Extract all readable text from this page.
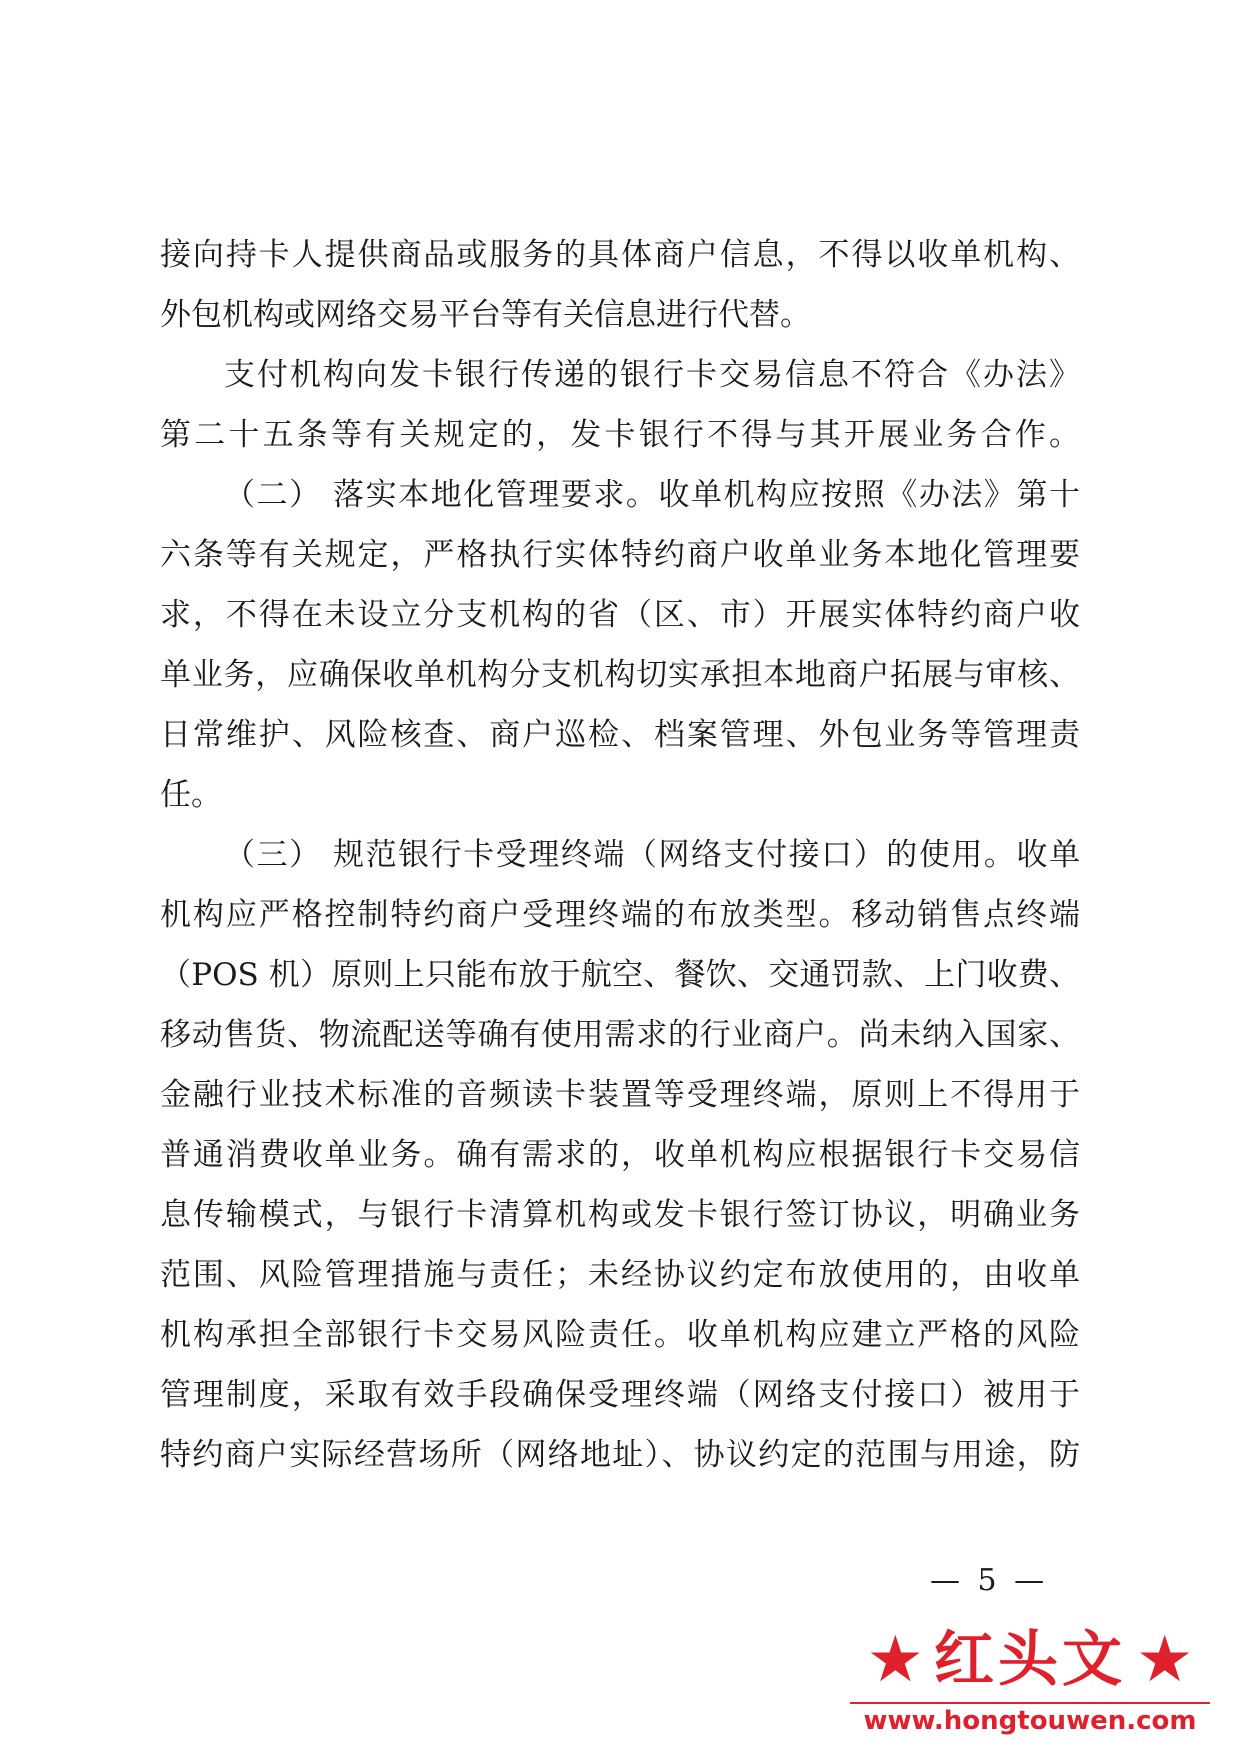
接向持卡人提供商品或服务的具体商户信息，不得以收单机构、
外包机构或网络交易平台等有关信息进行代替。
支付机构向发卡银行传递的银行卡交易信息不符合《办法》
第二十五条等有关规定的，发卡银行不得与其开展业务合作。
（二） 落实本地化管理要求。收单机构应按照《办法》第十
六条等有关规定，严格执行实体特约商户收单业务本地化管理要
求，不得在未设立分支机构的省（区、市）开展实体特约商户收
单业务，应确保收单机构分支机构切实承担本地商户拓展与审核、
日常维护、风险核查、商户巡检、档案管理、外包业务等管理责
任。
（三） 规范银行卡受理终端（网络支付接口）的使用。收单
机构应严格控制特约商户受理终端的布放类型。移动销售点终端
（POS 机）原则上只能布放于航空、餐饮、交通罚款、上门收费、
移动售货、物流配送等确有使用需求的行业商户。尚未纳入国家、
金融行业技术标准的音频读卡装置等受理终端，原则上不得用于
普通消费收单业务。确有需求的，收单机构应根据银行卡交易信
息传输模式，与银行卡清算机构或发卡银行签订协议，明确业务
范围、风险管理措施与责任；未经协议约定布放使用的，由收单
机构承担全部银行卡交易风险责任。收单机构应建立严格的风险
管理制度，采取有效手段确保受理终端（网络支付接口）被用于
特约商户实际经营场所（网络地址）、协议约定的范围与用途，防
— 5 —
★ 红头文 ★
www.hongtouwen.com
